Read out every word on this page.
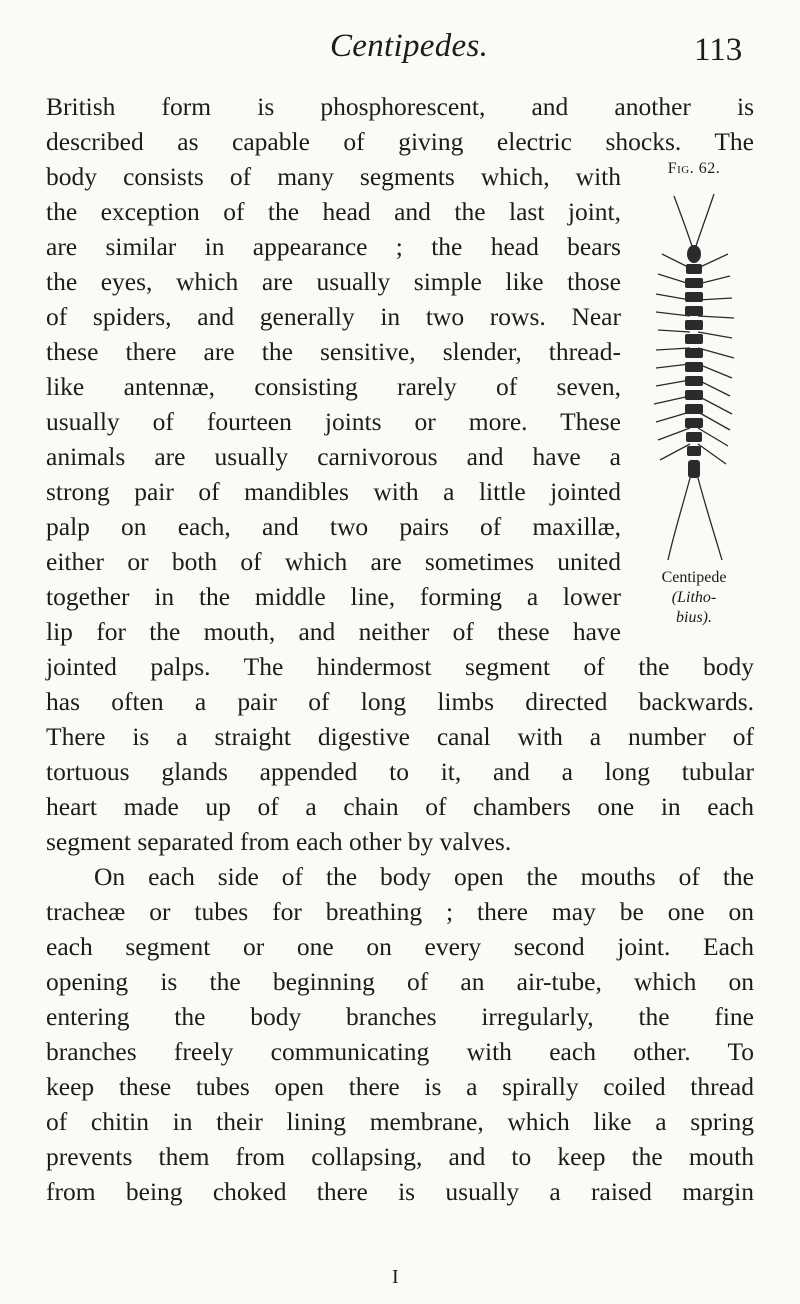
Centipedes.	113
British form is phosphorescent, and another is
described as capable of giving electric shocks. The
body consists of many segments which, with
the exception of the head and the last joint,
are similar in appearance ; the head bears
the eyes, which are usually simple like those
of spiders, and generally in two rows. Near
these there are the sensitive, slender, thread-
like antennæ, consisting rarely of seven,
usually of fourteen joints or more. These
animals are usually carnivorous and have a
strong pair of mandibles with a little jointed
palp on each, and two pairs of maxillæ,
either or both of which are sometimes united
together in the middle line, forming a lower
lip for the mouth, and neither of these have
jointed palps. The hindermost segment of the body
has often a pair of long limbs directed backwards.
There is a straight digestive canal with a number of
tortuous glands appended to it, and a long tubular
heart made up of a chain of chambers one in each
segment separated from each other by valves.
On each side of the body open the mouths of the
tracheæ or tubes for breathing ; there may be one on
each segment or one on every second joint. Each
opening is the beginning of an air-tube, which on
entering the body branches irregularly, the fine
branches freely communicating with each other. To
keep these tubes open there is a spirally coiled thread
of chitin in their lining membrane, which like a spring
prevents them from collapsing, and to keep the mouth
from being choked there is usually a raised margin
Fig. 62.
Centipede
(Litho-
bius).
I
